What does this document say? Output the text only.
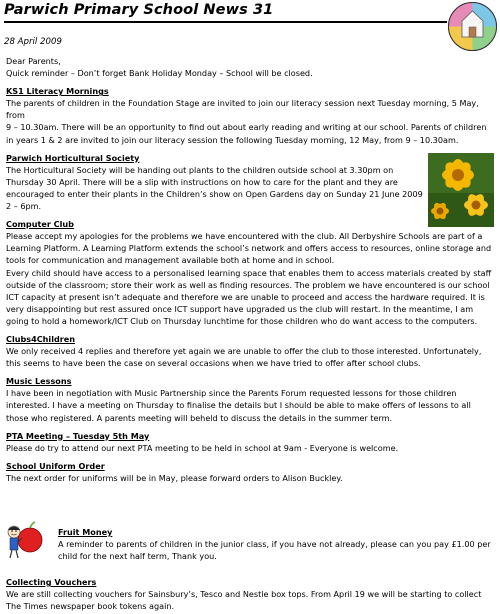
Parwich Primary School News 31
28 April 2009

Dear Parents,

Quick reminder – Don’t forget Bank Holiday Monday – School will be closed.

KS1 Literacy Mornings

The parents of children in the Foundation Stage are invited to join our literacy session next Tuesday morning, 5 May,

from

9 – 10.30am. There will be an opportunity to find out about early reading and writing at our school. Parents of children

in years 1 & 2 are invited to join our literacy session the following Tuesday morning, 12 May, from 9 – 10.30am.

Parwich Horticultural Society

The Horticultural Society will be handing out plants to the children outside school at 3.30pm on

Thursday 30 April. There will be a slip with instructions on how to care for the plant and they are

encouraged to enter their plants in the Children’s show on Open Gardens day on Sunday 21 June 2009

2 – 6pm.

Computer Club

Please accept my apologies for the problems we have encountered with the club. All Derbyshire Schools are part of a

Learning Platform. A Learning Platform extends the school’s network and offers access to resources, online storage and

tools for communication and management available both at home and in school.

Every child should have access to a personalised learning space that enables them to access materials created by staff

outside of the classroom; store their work as well as finding resources. The problem we have encountered is our school

ICT capacity at present isn’t adequate and therefore we are unable to proceed and access the hardware required. It is

very disappointing but rest assured once ICT support have upgraded us the club will restart. In the meantime, I am

going to hold a homework/ICT Club on Thursday lunchtime for those children who do want access to the computers.

Clubs4Children

We only received 4 replies and therefore yet again we are unable to offer the club to those interested. Unfortunately,

this seems to have been the case on several occasions when we have tried to offer after school clubs.

Music Lessons

I have been in negotiation with Music Partnership since the Parents Forum requested lessons for those children

interested. I have a meeting on Thursday to finalise the details but I should be able to make offers of lessons to all

those who registered. A parents meeting will beheld to discuss the details in the summer term.

PTA Meeting – Tuesday 5th May

Please do try to attend our next PTA meeting to be held in school at 9am - Everyone is welcome.

School Uniform Order

The next order for uniforms will be in May, please forward orders to Alison Buckley.

Fruit Money

A reminder to parents of children in the junior class, if you have not already, please can you pay £1.00 per

child for the next half term, Thank you.

Collecting Vouchers

We are still collecting vouchers for Sainsbury’s, Tesco and Nestle box tops. From April 19 we will be starting to collect

The Times newspaper book tokens again.
